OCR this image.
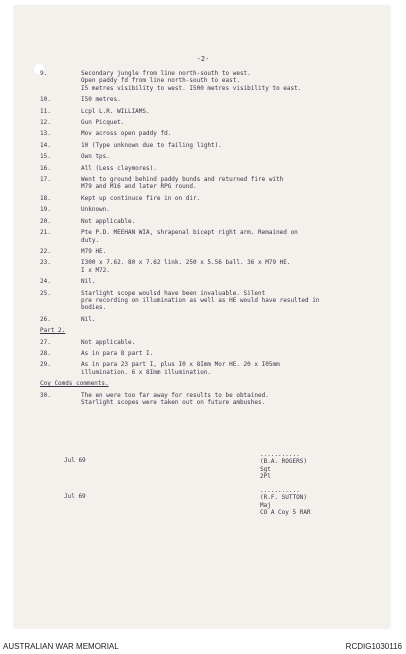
-2-
9.	Secondary jungle from line north-south to west.
Open paddy fd from line north-south to east.
I5 metres visibility to west. I500 metres visibility to east.
10.	I50 metres.
11.	Lcpl L.R. WILLIAMS.
12.	Gun Picquet.
13.	Mov across open paddy fd.
14.	10 (Type unknown due to failing light).
15.	Own tps.
16.	All (Less claymores).
17.	Went to ground behind paddy bunds and returned fire with
M79 and M16 and later RPG round.
18.	Kept up continuce fire in on dir.
19.	Unknown.
20.	Not applicable.
21.	Pte P.D. MEEHAN WIA, shrapenal bicept right arm. Remained on
duty.
22.	M79 HE.
23.	I300 x 7.62. 80 x 7.62 link. 250 x 5.56 ball. 36 x M79 HE.
I x M72.
24.	Nil.
25.	Starlight scope woulsd have been invaluable. Silent
pre recording on illumination as well as HE would have resulted in
bodies.
26.	Nil.
Part 2.
27.	Not applicable.
28.	As in para 8 part I.
29.	As in para 23 part I, plus I0 x 8Imm Mor HE. 20 x I05mm
illumination. 6 x 8Imm illumination.
Coy Comds comments.
30.	The en were too far away for results to be obtained.
Starlight scopes were taken out on future ambushes.
Jul 69
...........
(B.A. ROGERS)
Sgt
2Pl
Jul 69
...........
(R.F. SUTTON)
Maj
CO A Coy 5 RAR
AUSTRALIAN WAR MEMORIAL	RCDIG1030116
